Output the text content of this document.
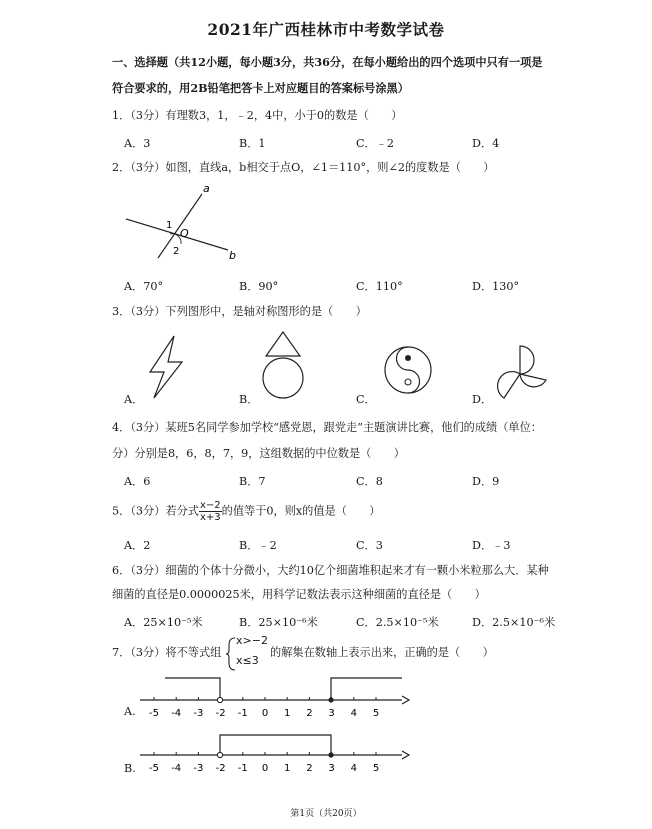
2021年广西桂林市中考数学试卷
一、选择题（共12小题，每小题3分，共36分，在每小题给出的四个选项中只有一项是
符合要求的，用2B铅笔把答卡上对应题目的答案标号涂黑）
1．（3分）有理数3，1，﹣2，4中，小于0的数是（　　）
A．3	B．1	C．﹣2	D．4
2．（3分）如图，直线a，b相交于点O，∠1＝110°，则∠2的度数是（　　）
a
b
O
1
2
A．70°	B．90°	C．110°	D．130°
3．（3分）下列图形中，是轴对称图形的是（　　）
A．	B．	C．	D．
4．（3分）某班5名同学参加学校“感党恩，跟党走”主题演讲比赛，他们的成绩（单位：
分）分别是8，6，8，7，9，这组数据的中位数是（　　）
A．6	B．7	C．8	D．9
5．（3分）若分式 $\frac{x-2}{x+3}$ 的值等于0，则x的值是（　　）
A．2	B．﹣2	C．3	D．﹣3
6．（3分）细菌的个体十分微小，大约10亿个细菌堆积起来才有一颗小米粒那么大．某种
细菌的直径是0.0000025米，用科学记数法表示这种细菌的直径是（　　）
A．25×10⁻⁵米	B．25×10⁻⁶米	C．2.5×10⁻⁵米	D．2.5×10⁻⁶米
7．（3分）将不等式组
x>−2
x≤3
的解集在数轴上表示出来，正确的是（　　）
A. -5 -4 -3 -2 -1 0 1 2 3 4 5
B. -5 -4 -3 -2 -1 0 1 2 3 4 5
第1页（共20页）
